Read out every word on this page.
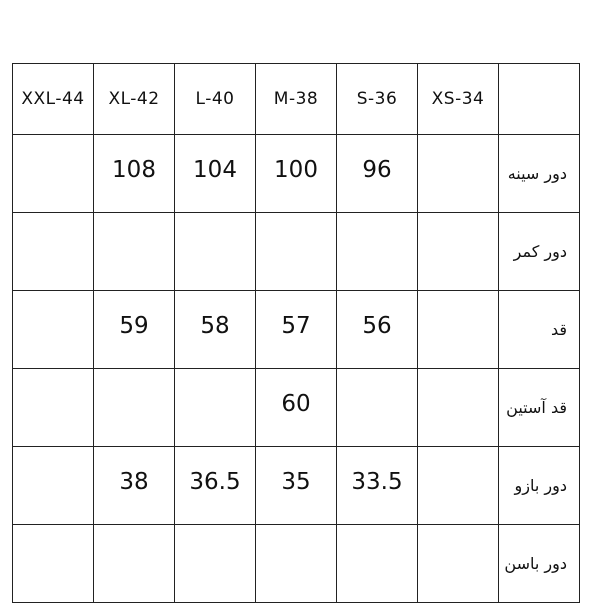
XXL-44	XL-42	L-40	M-38	S-36	XS-34	
	108	104	100	96		دور سینه
						دور کمر
	59	58	57	56		قد
			60			قد آستین
	38	36.5	35	33.5		دور بازو
						دور باسن
